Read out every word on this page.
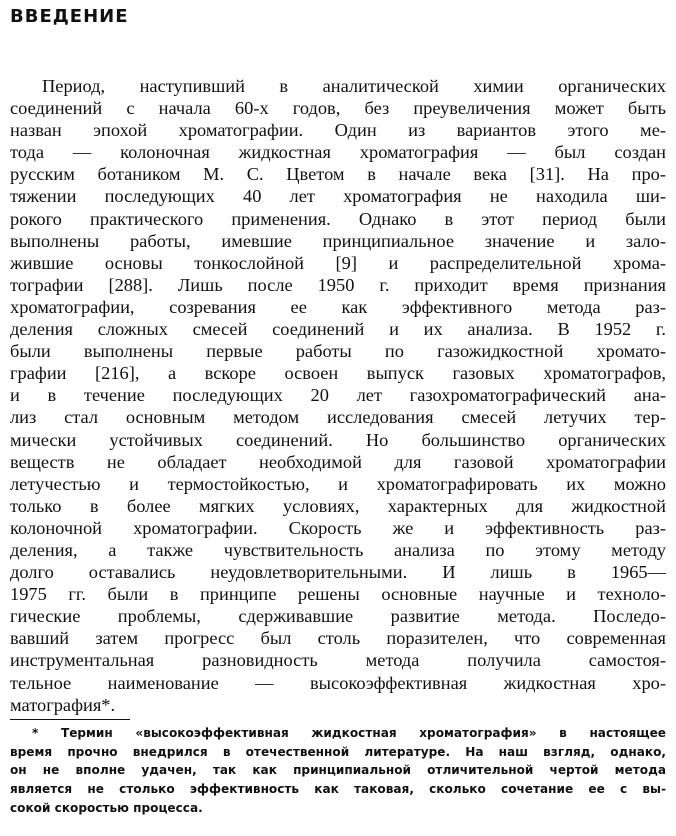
ВВЕДЕНИЕ
Период, наступивший в аналитической химии органических
соединений с начала 60-х годов, без преувеличения может быть
назван эпохой хроматографии. Один из вариантов этого ме-
тода — колоночная жидкостная хроматография — был создан
русским ботаником М. С. Цветом в начале века [31]. На про-
тяжении последующих 40 лет хроматография не находила ши-
рокого практического применения. Однако в этот период были
выполнены работы, имевшие принципиальное значение и зало-
жившие основы тонкослойной [9] и распределительной хрома-
тографии [288]. Лишь после 1950 г. приходит время признания
хроматографии, созревания ее как эффективного метода раз-
деления сложных смесей соединений и их анализа. В 1952 г.
были выполнены первые работы по газожидкостной хромато-
графии [216], а вскоре освоен выпуск газовых хроматографов,
и в течение последующих 20 лет газохроматографический ана-
лиз стал основным методом исследования смесей летучих тер-
мически устойчивых соединений. Но большинство органических
веществ не обладает необходимой для газовой хроматографии
летучестью и термостойкостью, и хроматографировать их можно
только в более мягких условиях, характерных для жидкостной
колоночной хроматографии. Скорость же и эффективность раз-
деления, а также чувствительность анализа по этому методу
долго оставались неудовлетворительными. И лишь в 1965—
1975 гг. были в принципе решены основные научные и техноло-
гические проблемы, сдерживавшие развитие метода. Последо-
вавший затем прогресс был столь поразителен, что современная
инструментальная разновидность метода получила самостоя-
тельное наименование — высокоэффективная жидкостная хро-
матография*.
* Термин «высокоэффективная жидкостная хроматография» в настоящее
время прочно внедрился в отечественной литературе. На наш взгляд, однако,
он не вполне удачен, так как принципиальной отличительной чертой метода
является не столько эффективность как таковая, сколько сочетание ее с вы-
сокой скоростью процесса.
